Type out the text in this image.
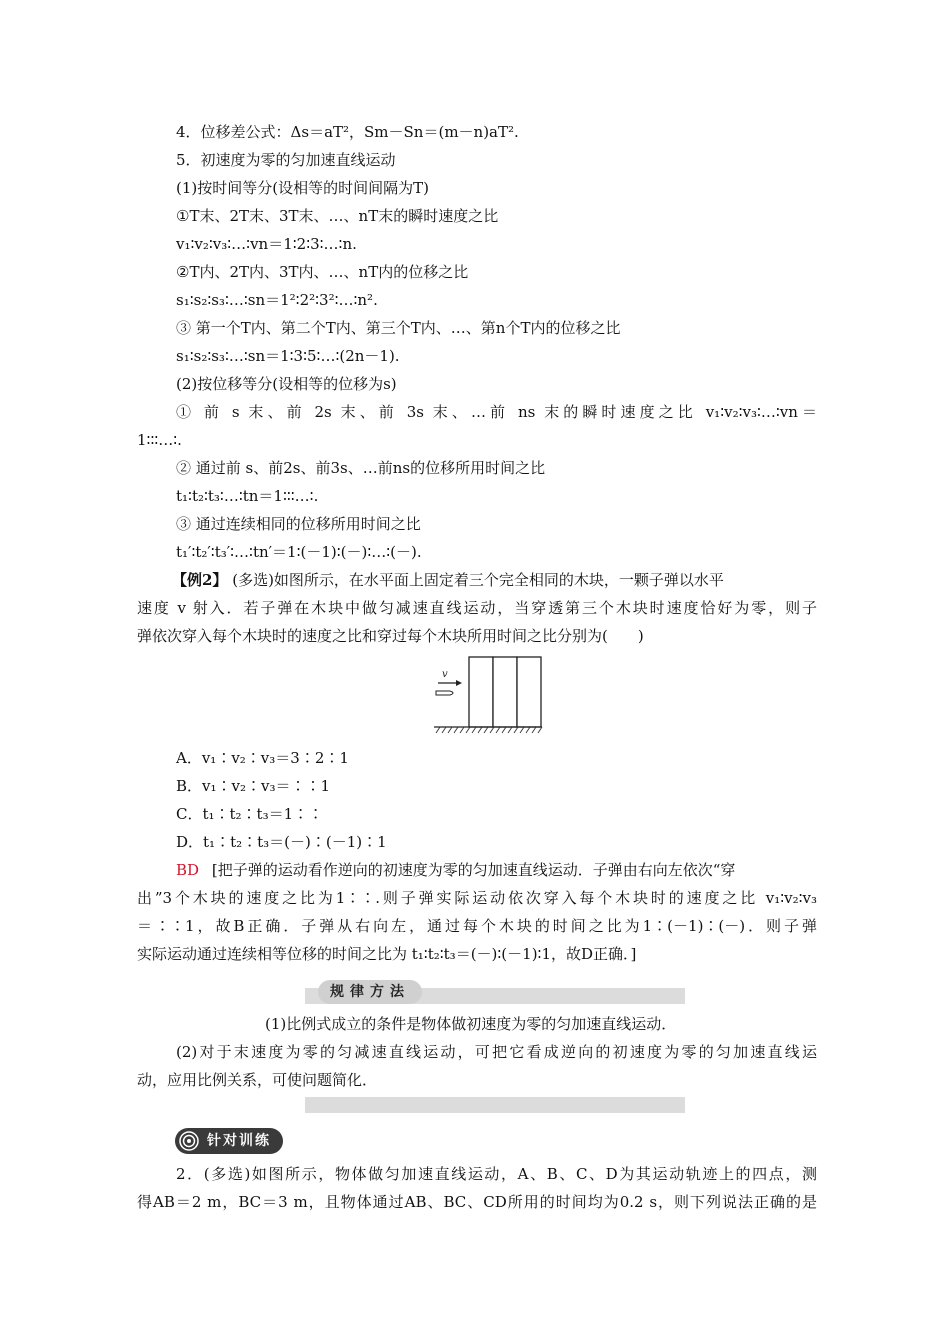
4．位移差公式：Δs＝aT²，Sm－Sn＝(m－n)aT².
5．初速度为零的匀加速直线运动
(1)按时间等分(设相等的时间间隔为T)
①T末、2T末、3T末、…、nT末的瞬时速度之比
v₁∶v₂∶v₃∶…∶vn＝1∶2∶3∶…∶n.
②T内、2T内、3T内、…、nT内的位移之比
s₁∶s₂∶s₃∶…∶sn＝1²∶2²∶3²∶…∶n².
③ 第一个T内、第二个T内、第三个T内、…、第n个T内的位移之比
s₁∶s₂∶s₃∶…∶sn＝1∶3∶5∶…∶(2n－1).
(2)按位移等分(设相等的位移为s)
① 前 s 末、前 2s 末、前 3s 末、…前 ns 末的瞬时速度之比 v₁∶v₂∶v₃∶…∶vn＝
1∶∶∶…∶.
② 通过前 s、前2s、前3s、…前ns的位移所用时间之比
t₁∶t₂∶t₃∶…∶tn＝1∶∶∶…∶.
③ 通过连续相同的位移所用时间之比
t₁′∶t₂′∶t₃′∶…∶tn′＝1∶(－1)∶(－)∶…∶(－).
【例2】 (多选)如图所示，在水平面上固定着三个完全相同的木块，一颗子弹以水平
速度 v 射入．若子弹在木块中做匀减速直线运动，当穿透第三个木块时速度恰好为零，则子
弹依次穿入每个木块时的速度之比和穿过每个木块所用时间之比分别为(　　)
v
A．v₁∶v₂∶v₃＝3∶2∶1
B．v₁∶v₂∶v₃＝∶∶1
C．t₁∶t₂∶t₃＝1∶∶
D．t₁∶t₂∶t₃＝(－)∶(－1)∶1
BD [把子弹的运动看作逆向的初速度为零的匀加速直线运动．子弹由右向左依次“穿
出”3个木块的速度之比为1∶∶.则子弹实际运动依次穿入每个木块时的速度之比 v₁∶v₂∶v₃
＝∶∶1，故B正确．子弹从右向左，通过每个木块的时间之比为1∶(－1)∶(－)．则子弹
实际运动通过连续相等位移的时间之比为 t₁∶t₂∶t₃＝(－)∶(－1)∶1，故D正确．]
规律方法
(1)比例式成立的条件是物体做初速度为零的匀加速直线运动．
(2)对于末速度为零的匀减速直线运动，可把它看成逆向的初速度为零的匀加速直线运
动，应用比例关系，可使问题简化．
针对训练
2．(多选)如图所示，物体做匀加速直线运动，A、B、C、D为其运动轨迹上的四点，测
得AB＝2 m，BC＝3 m，且物体通过AB、BC、CD所用的时间均为0.2 s，则下列说法正确的是
